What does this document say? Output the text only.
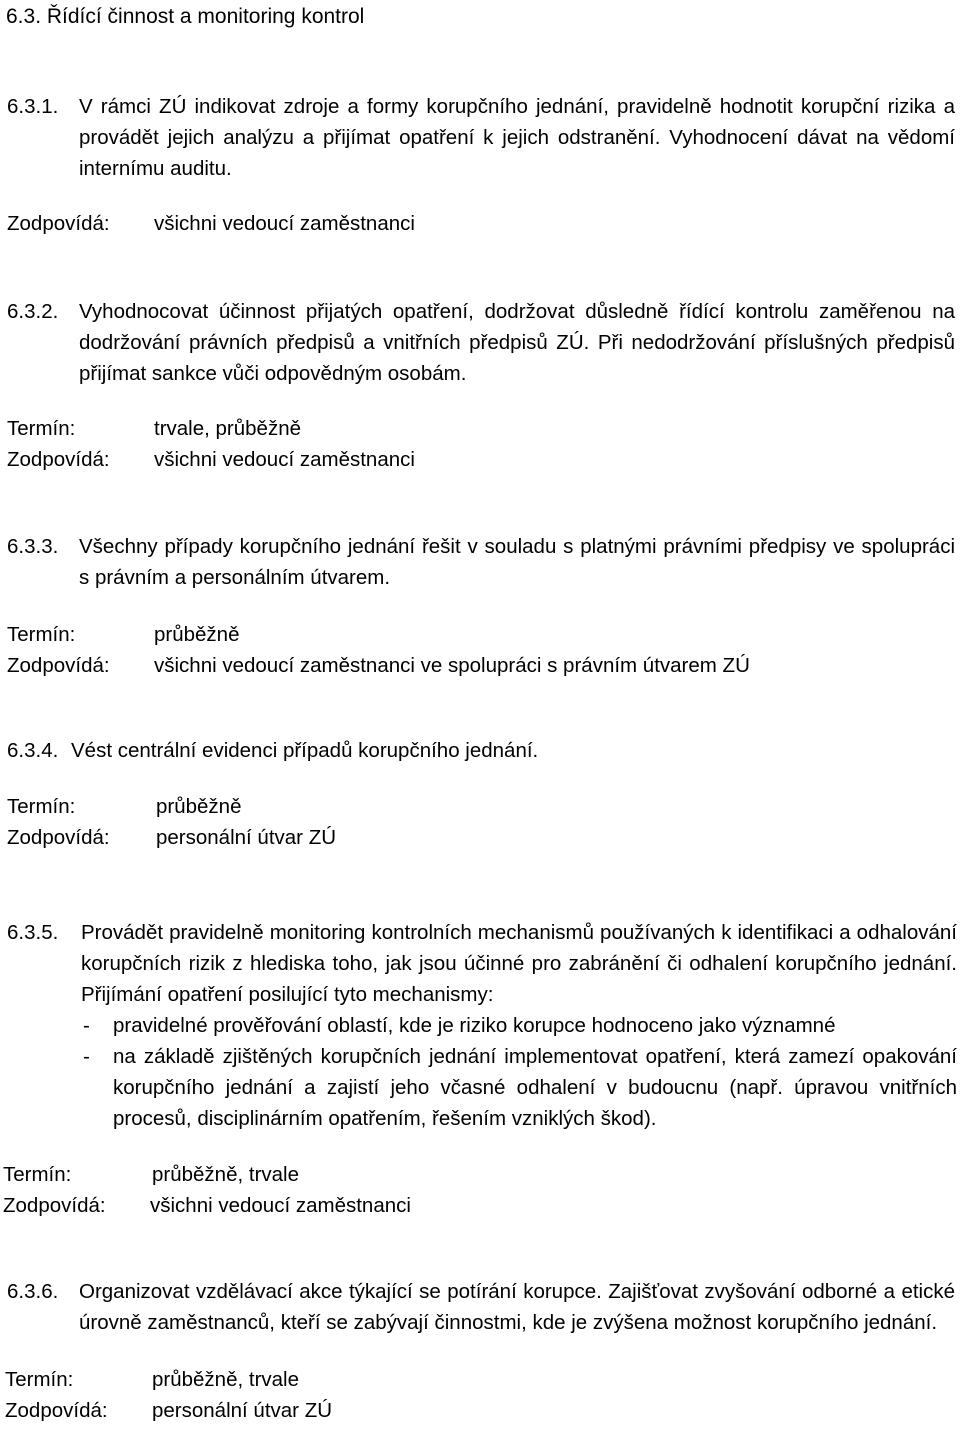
6.3. Řídící činnost a monitoring kontrol
6.3.1. V rámci ZÚ indikovat zdroje a formy korupčního jednání, pravidelně hodnotit korupční rizika a provádět jejich analýzu a přijímat opatření k jejich odstranění. Vyhodnocení dávat na vědomí internímu auditu.
Zodpovídá: všichni vedoucí zaměstnanci
6.3.2. Vyhodnocovat účinnost přijatých opatření, dodržovat důsledně řídící kontrolu zaměřenou na dodržování právních předpisů a vnitřních předpisů ZÚ. Při nedodržování příslušných předpisů přijímat sankce vůči odpovědným osobám.
Termín:	trvale, průběžně
Zodpovídá: všichni vedoucí zaměstnanci
6.3.3. Všechny případy korupčního jednání řešit v souladu s platnými právními předpisy ve spolupráci s právním a personálním útvarem.
Termín:	průběžně
Zodpovídá: všichni vedoucí zaměstnanci ve spolupráci s právním útvarem ZÚ
6.3.4. Vést centrální evidenci případů korupčního jednání.
Termín:	průběžně
Zodpovídá: personální útvar ZÚ
6.3.5. Provádět pravidelně monitoring kontrolních mechanismů používaných k identifikaci a odhalování korupčních rizik z hlediska toho, jak jsou účinné pro zabránění či odhalení korupčního jednání. Přijímání opatření posilující tyto mechanismy:
- pravidelné prověřování oblastí, kde je riziko korupce hodnoceno jako významné
- na základě zjištěných korupčních jednání implementovat opatření, která zamezí opakování korupčního jednání a zajistí jeho včasné odhalení v budoucnu (např. úpravou vnitřních procesů, disciplinárním opatřením, řešením vzniklých škod).
Termín:	průběžně, trvale
Zodpovídá: všichni vedoucí zaměstnanci
6.3.6. Organizovat vzdělávací akce týkající se potírání korupce. Zajišťovat zvyšování odborné a etické úrovně zaměstnanců, kteří se zabývají činnostmi, kde je zvýšena možnost korupčního jednání.
Termín:	průběžně, trvale
Zodpovídá: personální útvar ZÚ
